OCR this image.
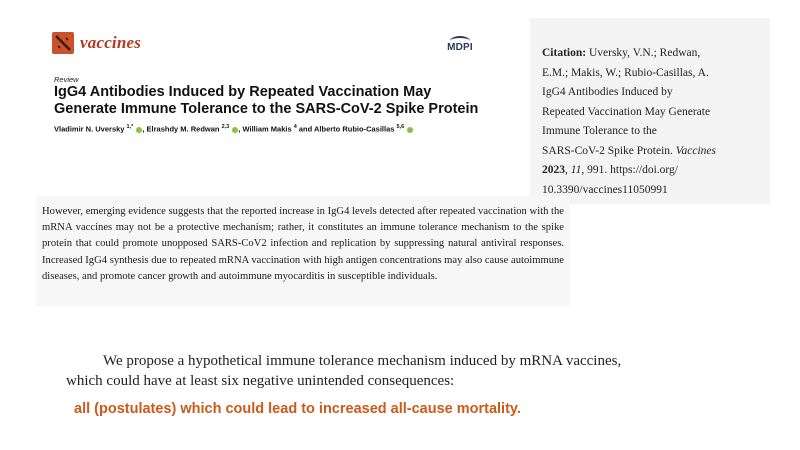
vaccines	MDPI
Review
IgG4 Antibodies Induced by Repeated Vaccination May
Generate Immune Tolerance to the SARS-CoV-2 Spike Protein
Vladimir N. Uversky $^{1,*}$ , Elrashdy M. Redwan $^{2,3}$ , William Makis $^4$ and Alberto Rubio-Casillas $^{5,6}$
Citation: Uversky, V.N.; Redwan,
E.M.; Makis, W.; Rubio-Casillas, A.
IgG4 Antibodies Induced by
Repeated Vaccination May Generate
Immune Tolerance to the
SARS-CoV-2 Spike Protein. Vaccines
2023, 11, 991. https://doi.org/
10.3390/vaccines11050991
However, emerging evidence suggests that the reported increase in IgG4 levels detected after repeated vaccination with the mRNA vaccines may not be a protective mechanism; rather, it constitutes an immune tolerance mechanism to the spike protein that could promote unopposed SARS-CoV2 infection and replication by suppressing natural antiviral responses. Increased IgG4 synthesis due to repeated mRNA vaccination with high antigen concentrations may also cause autoimmune diseases, and promote cancer growth and autoimmune myocarditis in susceptible individuals.
We propose a hypothetical immune tolerance mechanism induced by mRNA vaccines,
which could have at least six negative unintended consequences:
all (postulates) which could lead to increased all-cause mortality.
